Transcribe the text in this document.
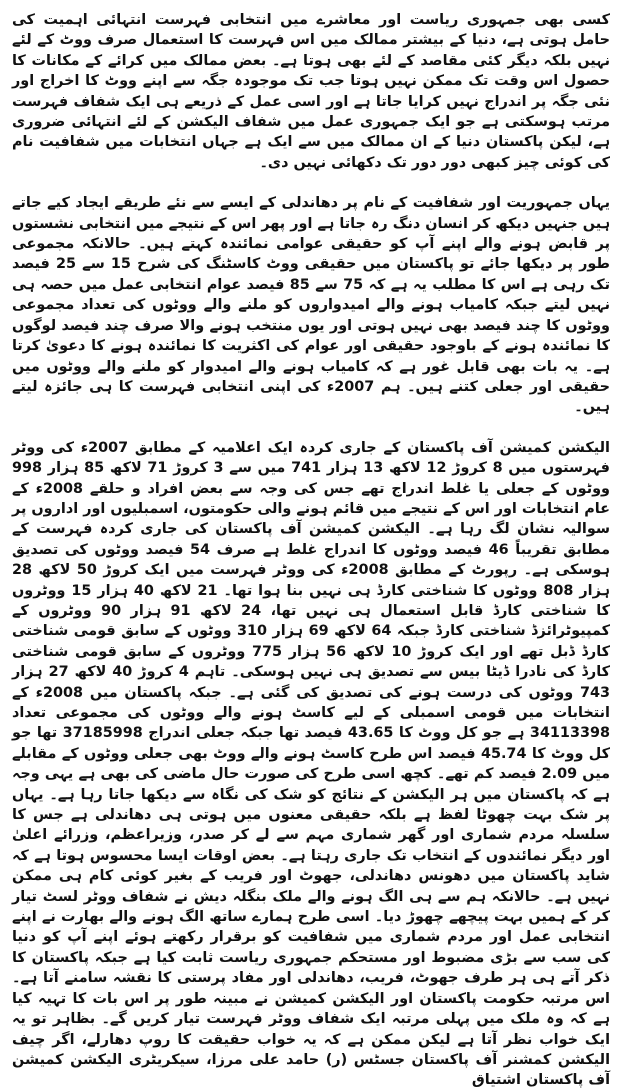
کسی بھی جمہوری ریاست اور معاشرے میں انتخابی فہرست انتہائی اہمیت کی حامل ہوتی ہے، دنیا کے بیشتر ممالک میں اس فہرست کا استعمال صرف ووٹ کے لئے نہیں بلکہ دیگر کئی مقاصد کے لئے بھی ہوتا ہے۔ بعض ممالک میں کرائے کے مکانات کا حصول اس وقت تک ممکن نہیں ہوتا جب تک موجودہ جگہ سے اپنے ووٹ کا اخراج اور نئی جگہ پر اندراج نہیں کرایا جاتا ہے اور اسی عمل کے ذریعے ہی ایک شفاف فہرست مرتب ہوسکتی ہے جو ایک جمہوری عمل میں شفاف الیکشن کے لئے انتہائی ضروری ہے، لیکن پاکستان دنیا کے ان ممالک میں سے ایک ہے جہاں انتخابات میں شفافیت نام کی کوئی چیز کبھی دور دور تک دکھائی نہیں دی۔

یہاں جمہوریت اور شفافیت کے نام پر دھاندلی کے ایسے سے نئے طریقے ایجاد کیے جاتے ہیں جنہیں دیکھ کر انسان دنگ رہ جاتا ہے اور پھر اس کے نتیجے میں انتخابی نشستوں پر قابض ہونے والے اپنے آپ کو حقیقی عوامی نمائندہ کہتے ہیں۔ حالانکہ مجموعی طور پر دیکھا جائے تو پاکستان میں حقیقی ووٹ کاسٹنگ کی شرح 15 سے 25 فیصد تک رہی ہے اس کا مطلب یہ ہے کہ 75 سے 85 فیصد عوام انتخابی عمل میں حصہ ہی نہیں لیتے جبکہ کامیاب ہونے والے امیدواروں کو ملنے والے ووٹوں کی تعداد مجموعی ووٹوں کا چند فیصد بھی نہیں ہوتی اور یوں منتخب ہونے والا صرف چند فیصد لوگوں کا نمائندہ ہونے کے باوجود حقیقی اور عوام کی اکثریت کا نمائندہ ہونے کا دعویٰ کرتا ہے۔ یہ بات بھی قابل غور ہے کہ کامیاب ہونے والے امیدوار کو ملنے والے ووٹوں میں حقیقی اور جعلی کتنے ہیں۔ ہم 2007ء کی اپنی انتخابی فہرست کا ہی جائزہ لیتے ہیں۔

الیکشن کمیشن آف پاکستان کے جاری کردہ ایک اعلامیہ کے مطابق 2007ء کی ووٹر فہرستوں میں 8 کروڑ 12 لاکھ 13 ہزار 741 میں سے 3 کروڑ 71 لاکھ 85 ہزار 998 ووٹوں کے جعلی یا غلط اندراج تھے جس کی وجہ سے بعض افراد و حلقے 2008ء کے عام انتخابات اور اس کے نتیجے میں قائم ہونے والی حکومتوں، اسمبلیوں اور اداروں پر سوالیہ نشان لگ رہا ہے۔ الیکشن کمیشن آف پاکستان کی جاری کردہ فہرست کے مطابق تقریباً 46 فیصد ووٹوں کا اندراج غلط ہے صرف 54 فیصد ووٹوں کی تصدیق ہوسکی ہے۔ رپورٹ کے مطابق 2008ء کی ووٹر فہرست میں ایک کروڑ 50 لاکھ 28 ہزار 808 ووٹوں کا شناختی کارڈ ہی نہیں بنا ہوا تھا۔ 21 لاکھ 40 ہزار 15 ووٹروں کا شناختی کارڈ قابل استعمال ہی نہیں تھا، 24 لاکھ 91 ہزار 90 ووٹروں کے کمپیوٹرائزڈ شناختی کارڈ جبکہ 64 لاکھ 69 ہزار 310 ووٹوں کے سابق قومی شناختی کارڈ ڈبل تھے اور ایک کروڑ 10 لاکھ 56 ہزار 775 ووٹروں کے سابق قومی شناختی کارڈ کی نادرا ڈیٹا بیس سے تصدیق ہی نہیں ہوسکی۔ تاہم 4 کروڑ 40 لاکھ 27 ہزار 743 ووٹوں کی درست ہونے کی تصدیق کی گئی ہے۔ جبکہ پاکستان میں 2008ء کے انتخابات میں قومی اسمبلی کے لیے کاسٹ ہونے والے ووٹوں کی مجموعی تعداد 34113398 ہے جو کل ووٹ کا 43.65 فیصد تھا جبکہ جعلی اندراج 37185998 تھا جو کل ووٹ کا 45.74 فیصد اس طرح کاسٹ ہونے والے ووٹ بھی جعلی ووٹوں کے مقابلے میں 2.09 فیصد کم تھے۔ کچھ اسی طرح کی صورت حال ماضی کی بھی ہے یہی وجہ ہے کہ پاکستان میں ہر الیکشن کے نتائج کو شک کی نگاہ سے دیکھا جاتا رہا ہے۔ یہاں پر شک بہت چھوٹا لفظ ہے بلکہ حقیقی معنوں میں ہوتی ہی دھاندلی ہے جس کا سلسلہ مردم شماری اور گھر شماری مہم سے لے کر صدر، وزیراعظم، وزرائے اعلیٰ اور دیگر نمائندوں کے انتخاب تک جاری رہتا ہے۔ بعض اوقات ایسا محسوس ہوتا ہے کہ شاید پاکستان میں دھونس دھاندلی، جھوٹ اور فریب کے بغیر کوئی کام ہی ممکن نہیں ہے۔ حالانکہ ہم سے ہی الگ ہونے والے ملک بنگلہ دیش نے شفاف ووٹر لسٹ تیار کر کے ہمیں بہت پیچھے چھوڑ دیا۔ اسی طرح ہمارے ساتھ الگ ہونے والے بھارت نے اپنے انتخابی عمل اور مردم شماری میں شفافیت کو برقرار رکھتے ہوئے اپنے آپ کو دنیا کی سب سے بڑی مضبوط اور مستحکم جمہوری ریاست ثابت کیا ہے جبکہ پاکستان کا ذکر آتے ہی ہر طرف جھوٹ، فریب، دھاندلی اور مفاد پرستی کا نقشہ سامنے آتا ہے۔ اس مرتبہ حکومت پاکستان اور الیکشن کمیشن نے مبینہ طور پر اس بات کا تہیہ کیا ہے کہ وہ ملک میں پہلی مرتبہ ایک شفاف ووٹر فہرست تیار کریں گے۔ بظاہر تو یہ ایک خواب نظر آتا ہے لیکن ممکن ہے کہ یہ خواب حقیقت کا روپ دھارلے، اگر چیف الیکشن کمشنر آف پاکستان جسٹس (ر) حامد علی مرزا، سیکریٹری الیکشن کمیشن آف پاکستان اشتیاق
